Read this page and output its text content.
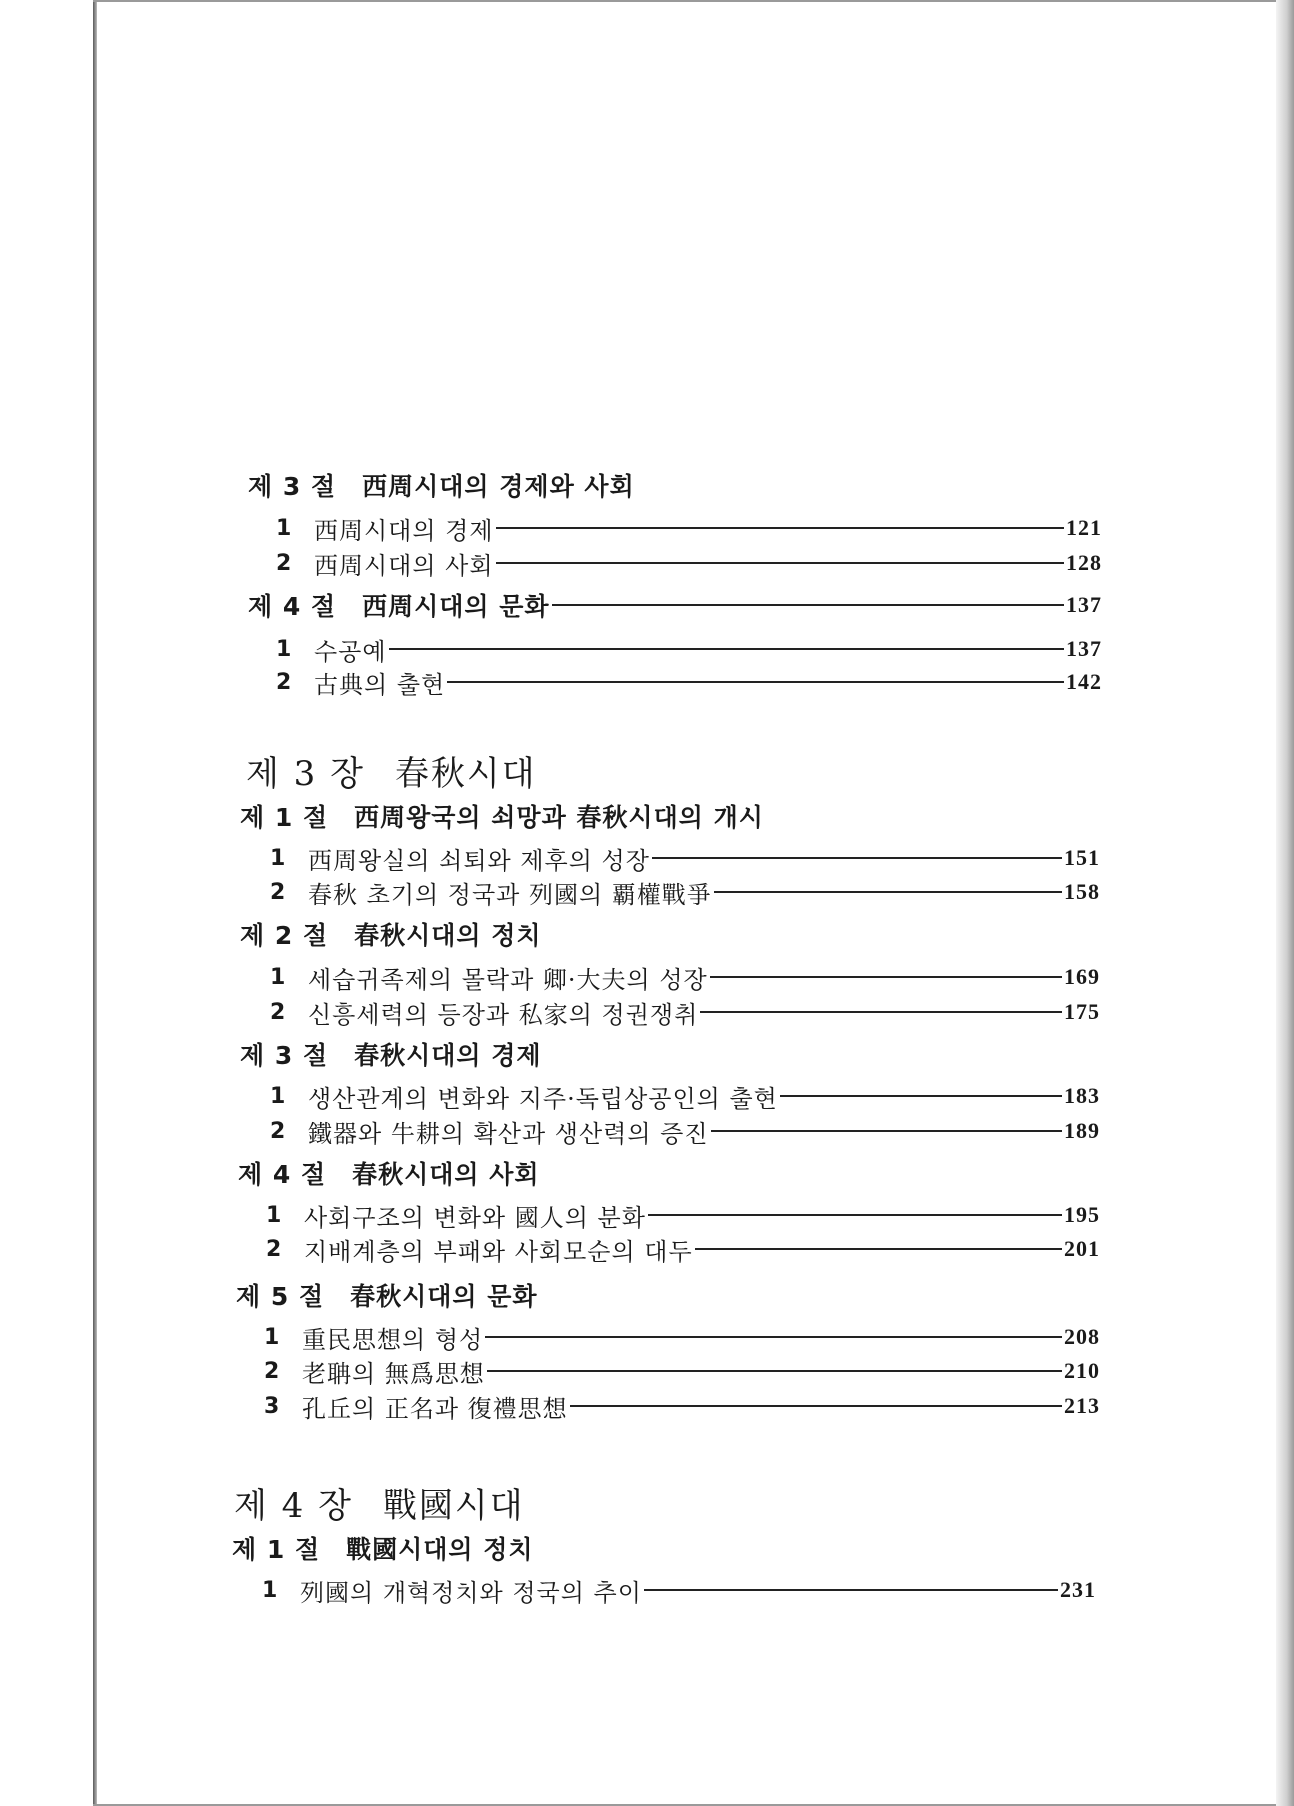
제 3 절 西周시대의 경제와 사회
1 西周시대의 경제	121
2 西周시대의 사회	128
제 4 절 西周시대의 문화	137
1 수공예	137
2 古典의 출현	142
제 3 장 春秋시대
제 1 절 西周왕국의 쇠망과 春秋시대의 개시
1 西周왕실의 쇠퇴와 제후의 성장	151
2 春秋 초기의 정국과 列國의 覇權戰爭	158
제 2 절 春秋시대의 정치
1 세습귀족제의 몰락과 卿·大夫의 성장	169
2 신흥세력의 등장과 私家의 정권쟁취	175
제 3 절 春秋시대의 경제
1 생산관계의 변화와 지주·독립상공인의 출현	183
2 鐵器와 牛耕의 확산과 생산력의 증진	189
제 4 절 春秋시대의 사회
1 사회구조의 변화와 國人의 분화	195
2 지배계층의 부패와 사회모순의 대두	201
제 5 절 春秋시대의 문화
1 重民思想의 형성	208
2 老聃의 無爲思想	210
3 孔丘의 正名과 復禮思想	213
제 4 장 戰國시대
제 1 절 戰國시대의 정치
1 列國의 개혁정치와 정국의 추이	231
